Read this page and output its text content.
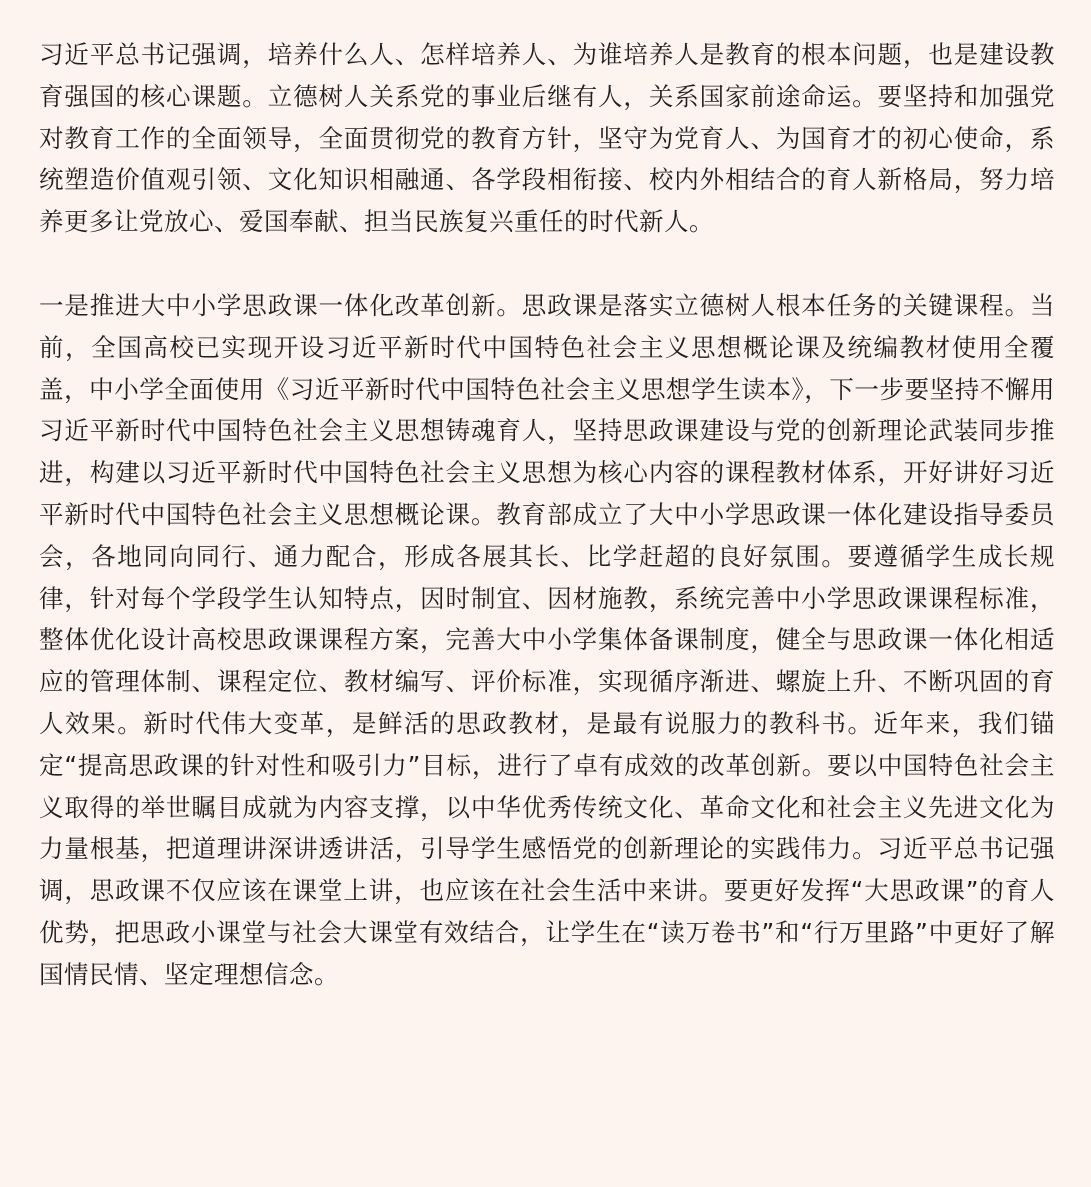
习近平总书记强调，培养什么人、怎样培养人、为谁培养人是教育的根本问题，也是建设教育强国的核心课题。立德树人关系党的事业后继有人，关系国家前途命运。要坚持和加强党对教育工作的全面领导，全面贯彻党的教育方针，坚守为党育人、为国育才的初心使命，系统塑造价值观引领、文化知识相融通、各学段相衔接、校内外相结合的育人新格局，努力培养更多让党放心、爱国奉献、担当民族复兴重任的时代新人。

一是推进大中小学思政课一体化改革创新。思政课是落实立德树人根本任务的关键课程。当前，全国高校已实现开设习近平新时代中国特色社会主义思想概论课及统编教材使用全覆盖，中小学全面使用《习近平新时代中国特色社会主义思想学生读本》，下一步要坚持不懈用习近平新时代中国特色社会主义思想铸魂育人，坚持思政课建设与党的创新理论武装同步推进，构建以习近平新时代中国特色社会主义思想为核心内容的课程教材体系，开好讲好习近平新时代中国特色社会主义思想概论课。教育部成立了大中小学思政课一体化建设指导委员会，各地同向同行、通力配合，形成各展其长、比学赶超的良好氛围。要遵循学生成长规律，针对每个学段学生认知特点，因时制宜、因材施教，系统完善中小学思政课课程标准，整体优化设计高校思政课课程方案，完善大中小学集体备课制度，健全与思政课一体化相适应的管理体制、课程定位、教材编写、评价标准，实现循序渐进、螺旋上升、不断巩固的育人效果。新时代伟大变革，是鲜活的思政教材，是最有说服力的教科书。近年来，我们锚定“提高思政课的针对性和吸引力”目标，进行了卓有成效的改革创新。要以中国特色社会主义取得的举世瞩目成就为内容支撑，以中华优秀传统文化、革命文化和社会主义先进文化为力量根基，把道理讲深讲透讲活，引导学生感悟党的创新理论的实践伟力。习近平总书记强调，思政课不仅应该在课堂上讲，也应该在社会生活中来讲。要更好发挥“大思政课”的育人优势，把思政小课堂与社会大课堂有效结合，让学生在“读万卷书”和“行万里路”中更好了解国情民情、坚定理想信念。
